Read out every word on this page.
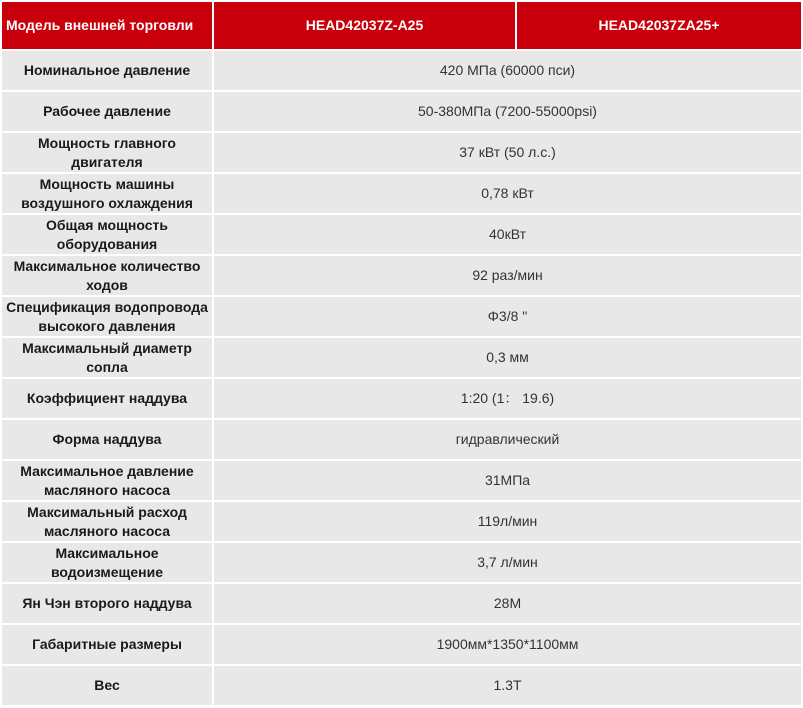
Модель внешней торговли	HEAD42037Z-A25	HEAD42037ZA25+
Номинальное давление	420 МПа (60000 пси)	
Рабочее давление	50-380МПа (7200-55000psi)	
Мощность главного двигателя	37 кВт (50 л.с.)	
Мощность машины воздушного охлаждения	0,78 кВт	
Общая мощность оборудования	40кВт	
Максимальное количество ходов	92 раз/мин	
Спецификация водопровода высокого давления	Φ3/8 "	
Максимальный диаметр сопла	0,3 мм	
Коэффициент наддува	1:20 (1： 19.6)	
Форма наддува	гидравлический	
Максимальное давление масляного насоса	31МПа	
Максимальный расход масляного насоса	119л/мин	
Максимальное водоизмещение	3,7 л/мин	
Ян Чэн второго наддува	28М	
Габаритные размеры	1900мм*1350*1100мм	
Вес	1.3Т	
